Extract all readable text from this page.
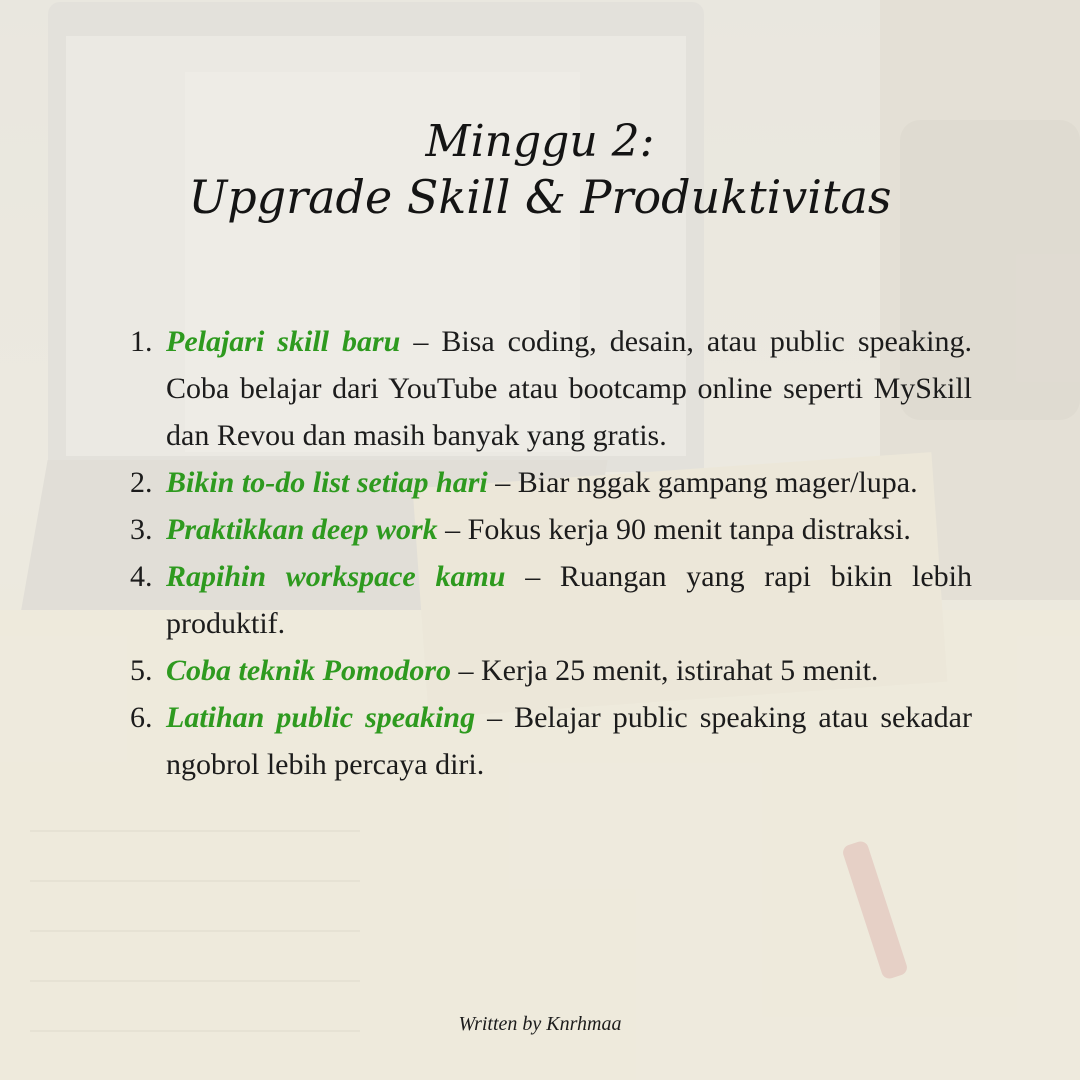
Minggu 2:
Upgrade Skill & Produktivitas
1. Pelajari skill baru – Bisa coding, desain, atau public speaking. Coba belajar dari YouTube atau bootcamp online seperti MySkill dan Revou dan masih banyak yang gratis.
2. Bikin to-do list setiap hari – Biar nggak gampang mager/lupa.
3. Praktikkan deep work – Fokus kerja 90 menit tanpa distraksi.
4. Rapihin workspace kamu – Ruangan yang rapi bikin lebih produktif.
5. Coba teknik Pomodoro – Kerja 25 menit, istirahat 5 menit.
6. Latihan public speaking – Belajar public speaking atau sekadar ngobrol lebih percaya diri.
Written by Knrhmaa
